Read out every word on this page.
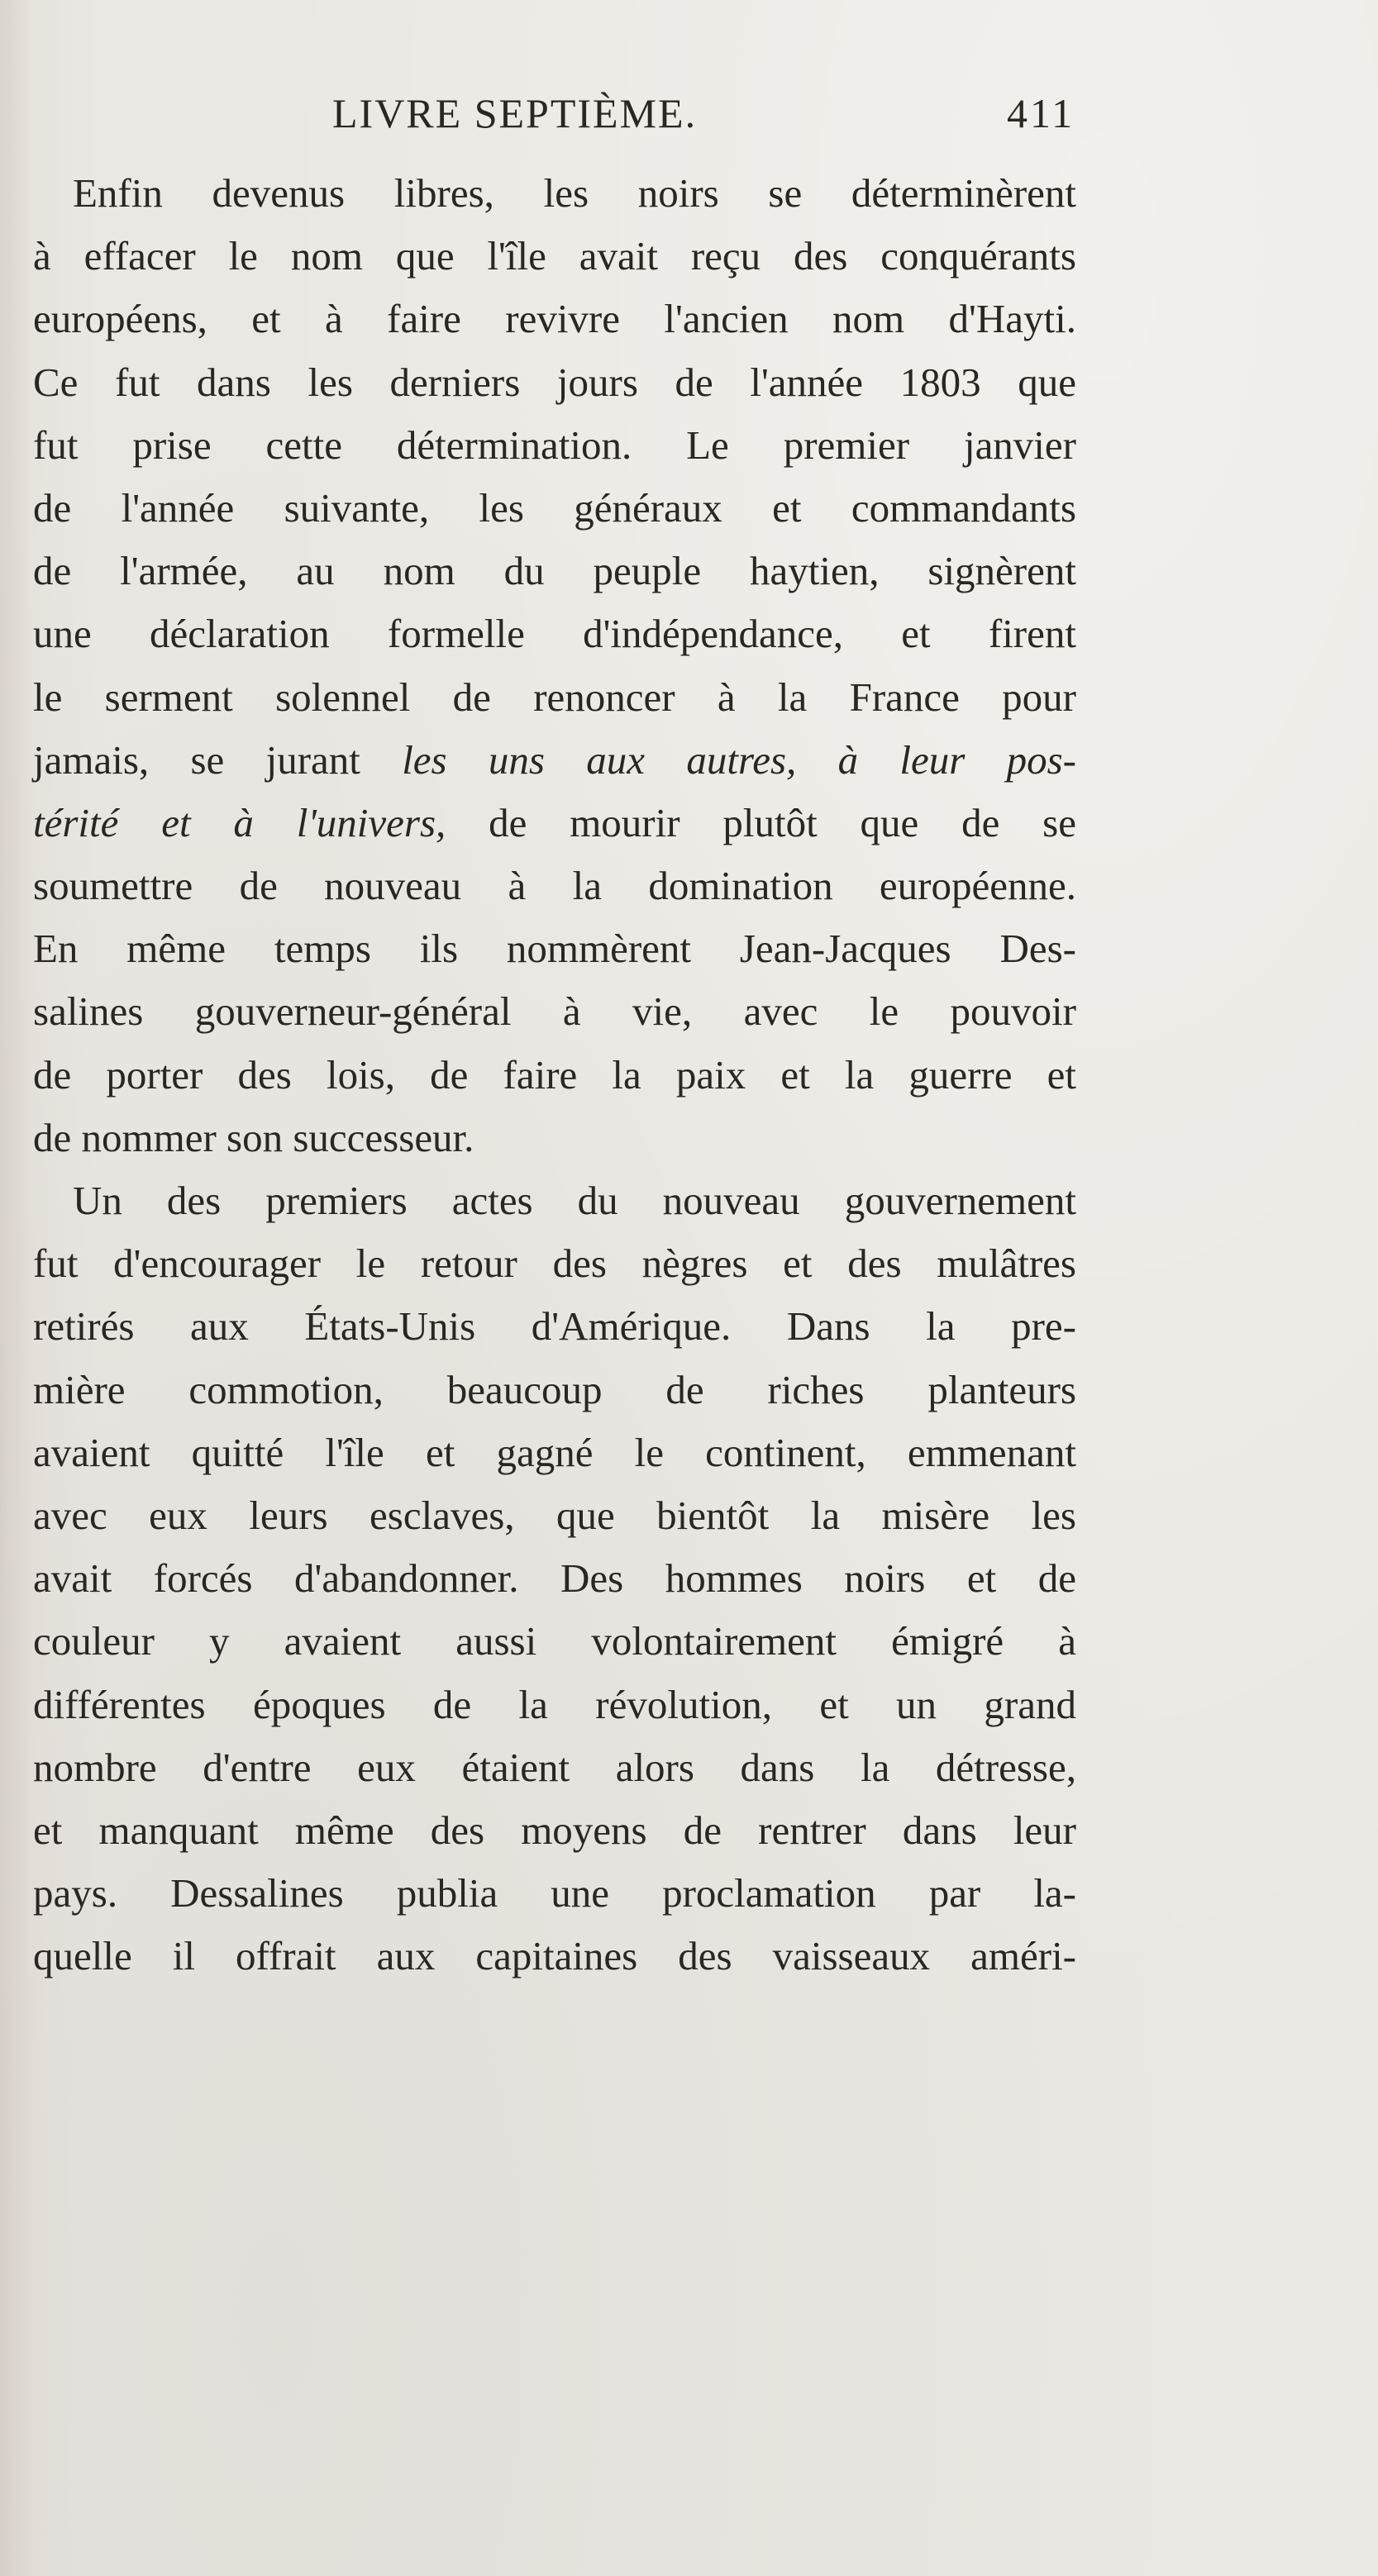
LIVRE SEPTIÈME.	411
Enfin devenus libres, les noirs se déterminèrent
à effacer le nom que l'île avait reçu des conquérants
européens, et à faire revivre l'ancien nom d'Hayti.
Ce fut dans les derniers jours de l'année 1803 que
fut prise cette détermination. Le premier janvier
de l'année suivante, les généraux et commandants
de l'armée, au nom du peuple haytien, signèrent
une déclaration formelle d'indépendance, et firent
le serment solennel de renoncer à la France pour
jamais, se jurant les uns aux autres, à leur pos-
térité et à l'univers, de mourir plutôt que de se
soumettre de nouveau à la domination européenne.
En même temps ils nommèrent Jean-Jacques Des-
salines gouverneur-général à vie, avec le pouvoir
de porter des lois, de faire la paix et la guerre et
de nommer son successeur.
Un des premiers actes du nouveau gouvernement
fut d'encourager le retour des nègres et des mulâtres
retirés aux États-Unis d'Amérique. Dans la pre-
mière commotion, beaucoup de riches planteurs
avaient quitté l'île et gagné le continent, emmenant
avec eux leurs esclaves, que bientôt la misère les
avait forcés d'abandonner. Des hommes noirs et de
couleur y avaient aussi volontairement émigré à
différentes époques de la révolution, et un grand
nombre d'entre eux étaient alors dans la détresse,
et manquant même des moyens de rentrer dans leur
pays. Dessalines publia une proclamation par la-
quelle il offrait aux capitaines des vaisseaux améri-
